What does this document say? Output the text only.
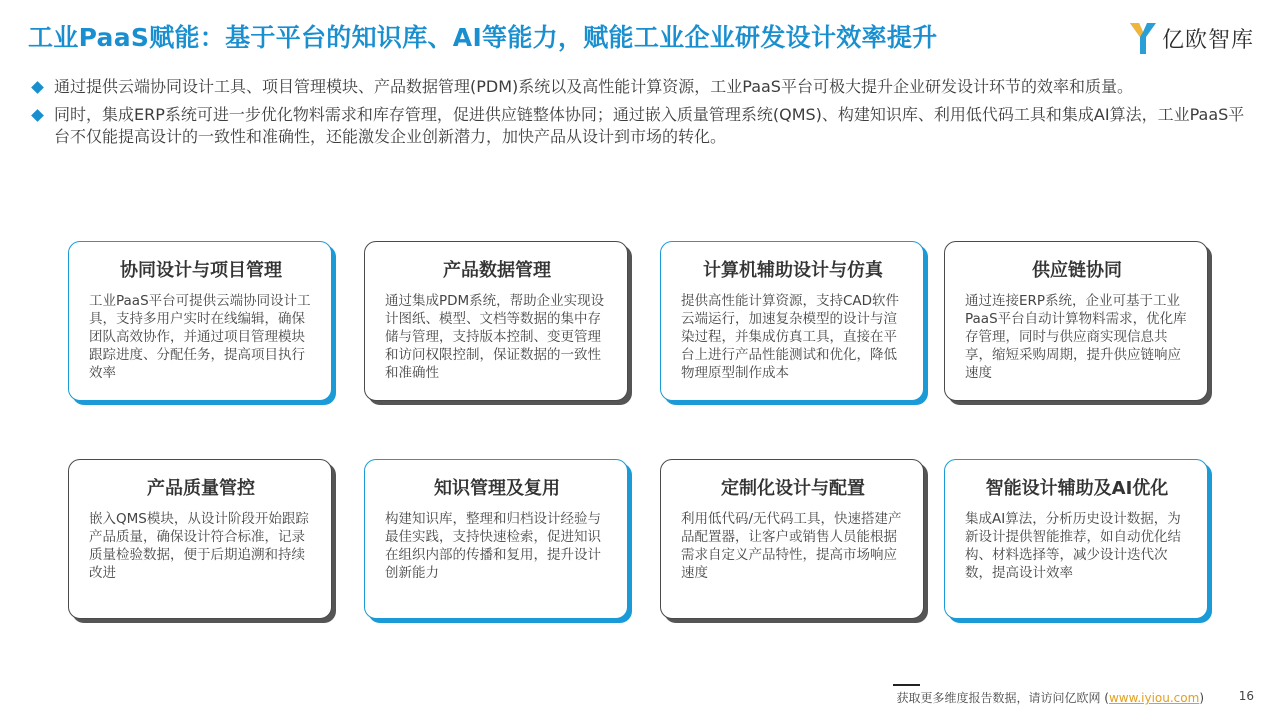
工业PaaS赋能：基于平台的知识库、AI等能力，赋能工业企业研发设计效率提升	亿欧智库
通过提供云端协同设计工具、项目管理模块、产品数据管理(PDM)系统以及高性能计算资源，工业PaaS平台可极大提升企业研发设计环节的效率和质量。
同时，集成ERP系统可进一步优化物料需求和库存管理，促进供应链整体协同；通过嵌入质量管理系统(QMS)、构建知识库、利用低代码工具和集成AI算法，工业PaaS平台不仅能提高设计的一致性和准确性，还能激发企业创新潜力，加快产品从设计到市场的转化。
协同设计与项目管理
工业PaaS平台可提供云端协同设计工具，支持多用户实时在线编辑，确保团队高效协作，并通过项目管理模块跟踪进度、分配任务，提高项目执行效率
产品数据管理
通过集成PDM系统，帮助企业实现设计图纸、模型、文档等数据的集中存储与管理，支持版本控制、变更管理和访问权限控制，保证数据的一致性和准确性
计算机辅助设计与仿真
提供高性能计算资源，支持CAD软件云端运行，加速复杂模型的设计与渲染过程，并集成仿真工具，直接在平台上进行产品性能测试和优化，降低物理原型制作成本
供应链协同
通过连接ERP系统，企业可基于工业PaaS平台自动计算物料需求，优化库存管理，同时与供应商实现信息共享，缩短采购周期，提升供应链响应速度
产品质量管控
嵌入QMS模块，从设计阶段开始跟踪产品质量，确保设计符合标准，记录质量检验数据，便于后期追溯和持续改进
知识管理及复用
构建知识库，整理和归档设计经验与最佳实践，支持快速检索，促进知识在组织内部的传播和复用，提升设计创新能力
定制化设计与配置
利用低代码/无代码工具，快速搭建产品配置器，让客户或销售人员能根据需求自定义产品特性，提高市场响应速度
智能设计辅助及AI优化
集成AI算法，分析历史设计数据，为新设计提供智能推荐，如自动优化结构、材料选择等，减少设计迭代次数，提高设计效率
获取更多维度报告数据，请访问亿欧网 (www.iyiou.com)	16
